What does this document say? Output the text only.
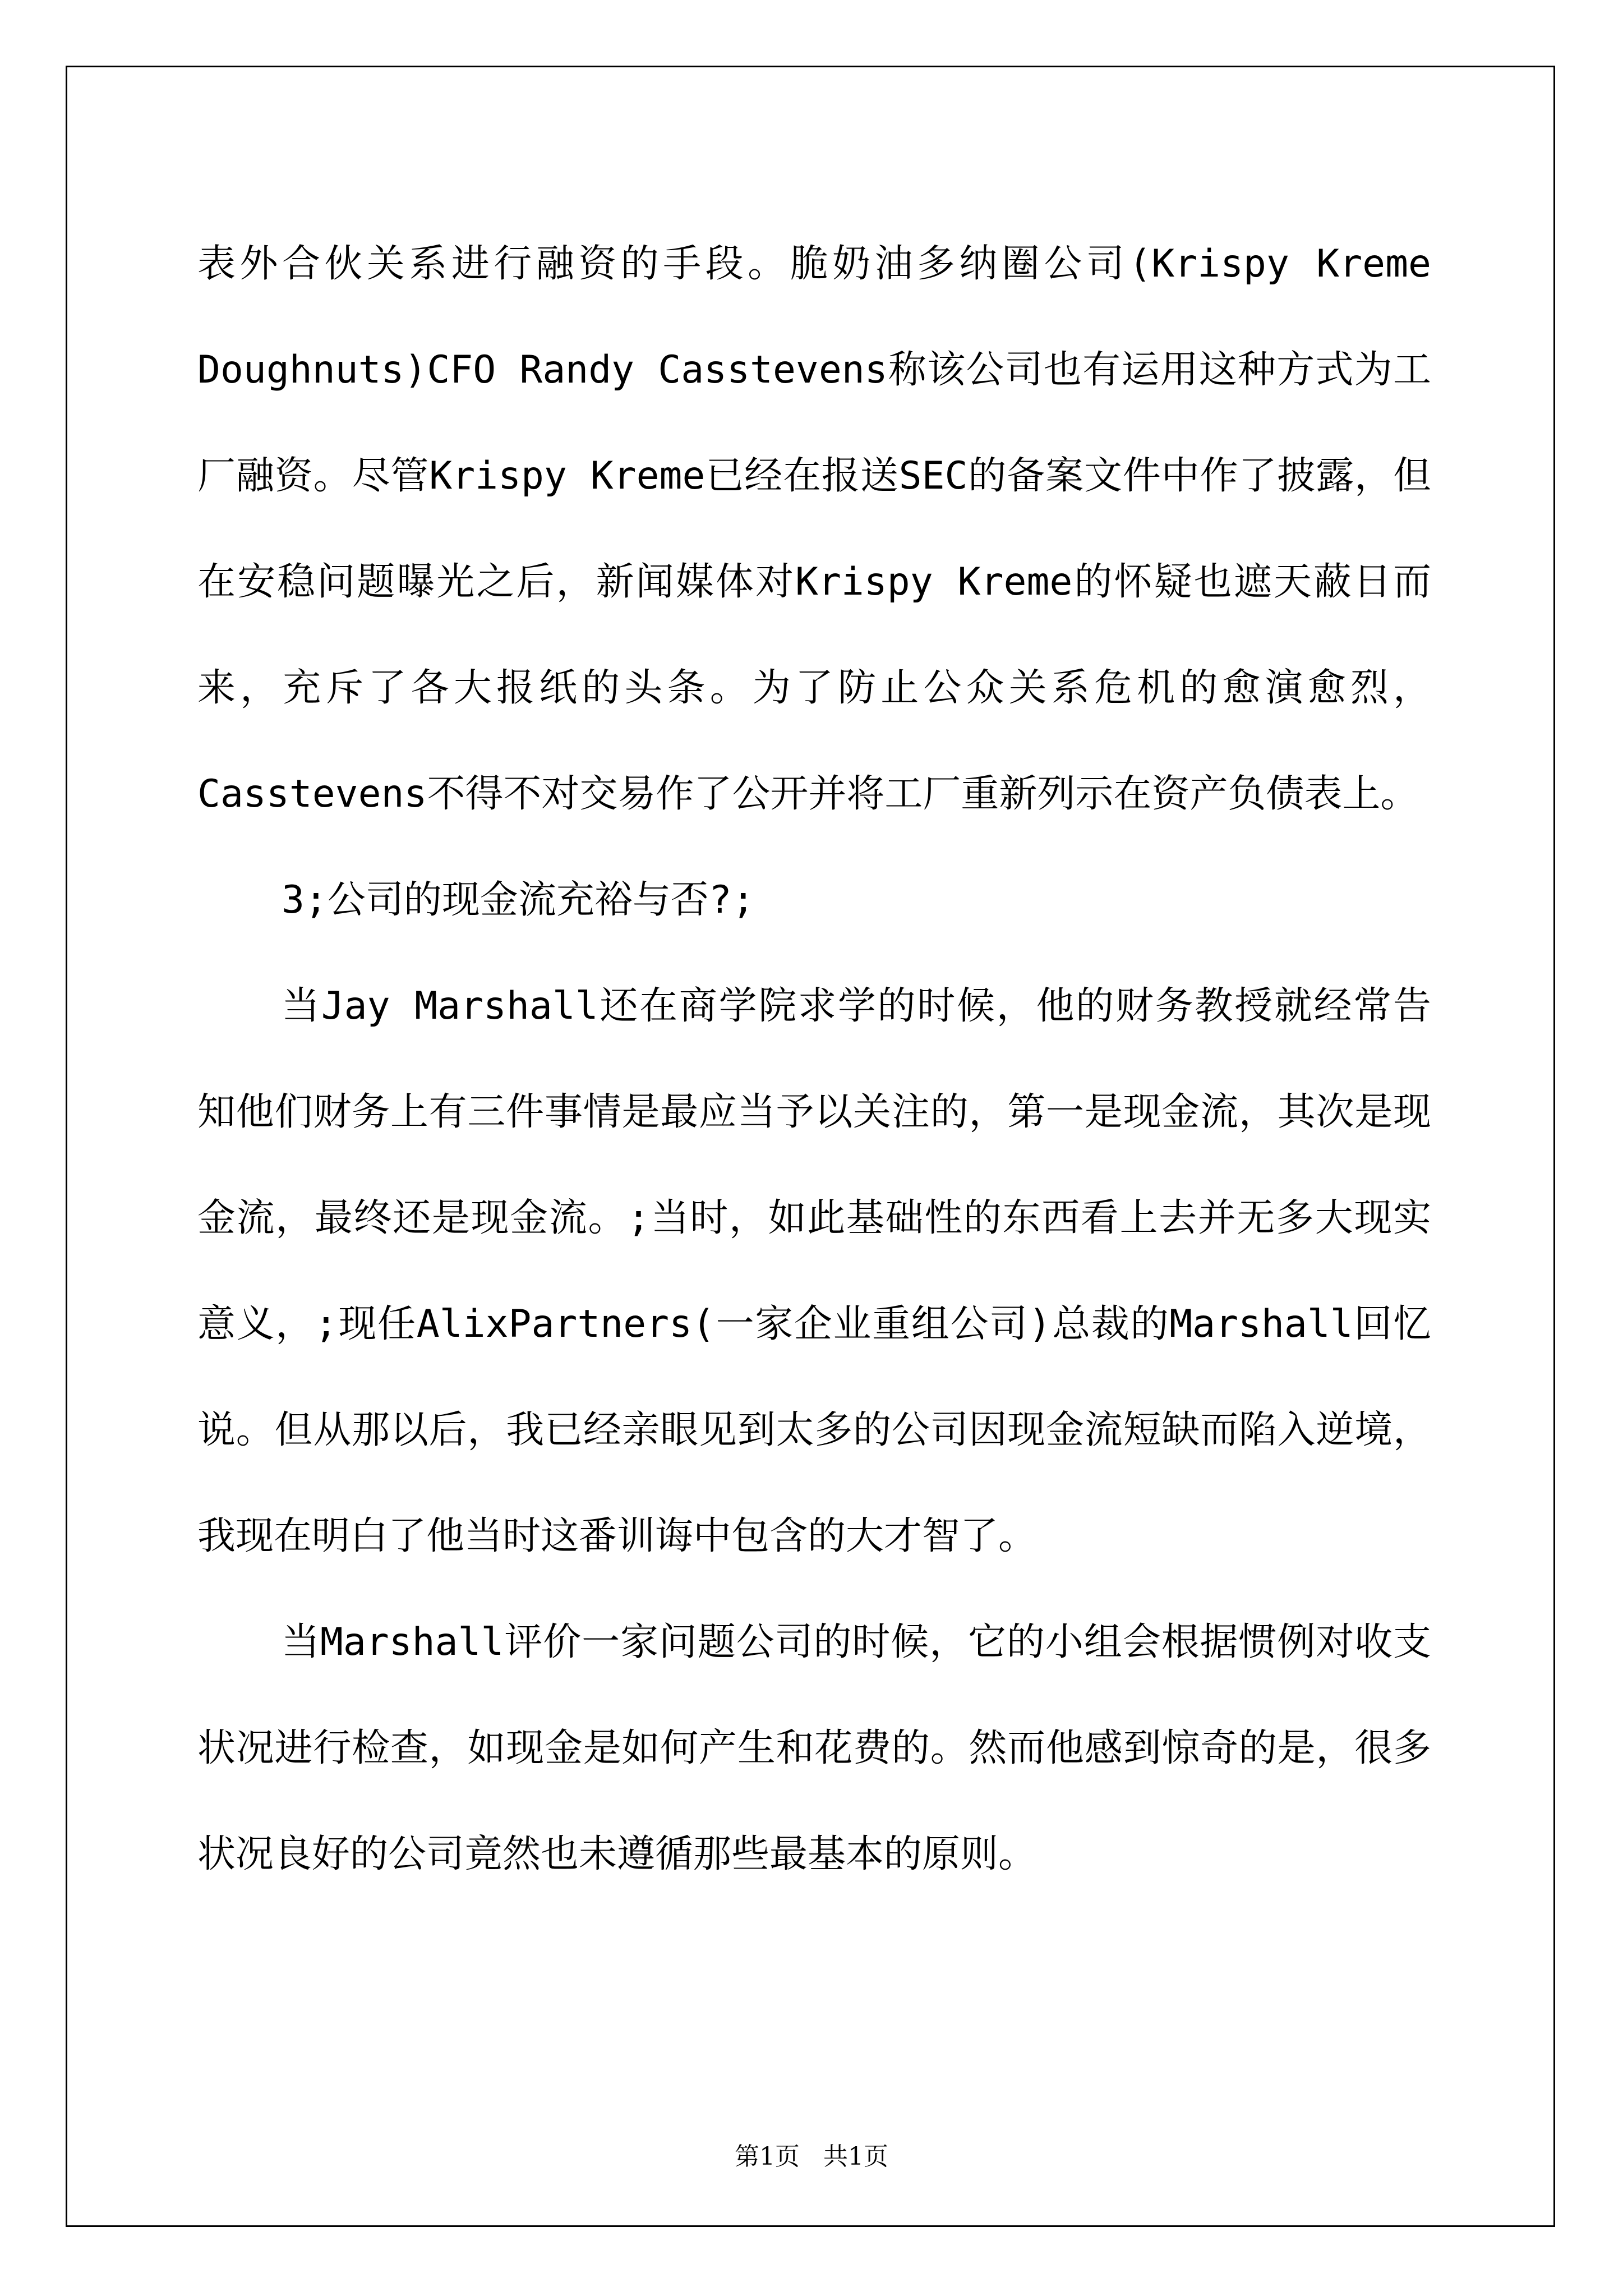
表外合伙关系进行融资的手段。脆奶油多纳圈公司(Krispy Kreme Doughnuts)CFO Randy Casstevens称该公司也有运用这种方式为工厂融资。尽管Krispy Kreme已经在报送SEC的备案文件中作了披露，但在安稳问题曝光之后，新闻媒体对Krispy Kreme的怀疑也遮天蔽日而来，充斥了各大报纸的头条。为了防止公众关系危机的愈演愈烈，Casstevens不得不对交易作了公开并将工厂重新列示在资产负债表上。

3;公司的现金流充裕与否?;

当Jay Marshall还在商学院求学的时候，他的财务教授就经常告知他们财务上有三件事情是最应当予以关注的，第一是现金流，其次是现金流，最终还是现金流。;当时，如此基础性的东西看上去并无多大现实意义，;现任AlixPartners(一家企业重组公司)总裁的Marshall回忆说。但从那以后，我已经亲眼见到太多的公司因现金流短缺而陷入逆境，我现在明白了他当时这番训诲中包含的大才智了。

当Marshall评价一家问题公司的时候，它的小组会根据惯例对收支状况进行检查，如现金是如何产生和花费的。然而他感到惊奇的是，很多状况良好的公司竟然也未遵循那些最基本的原则。

第1页   共1页
